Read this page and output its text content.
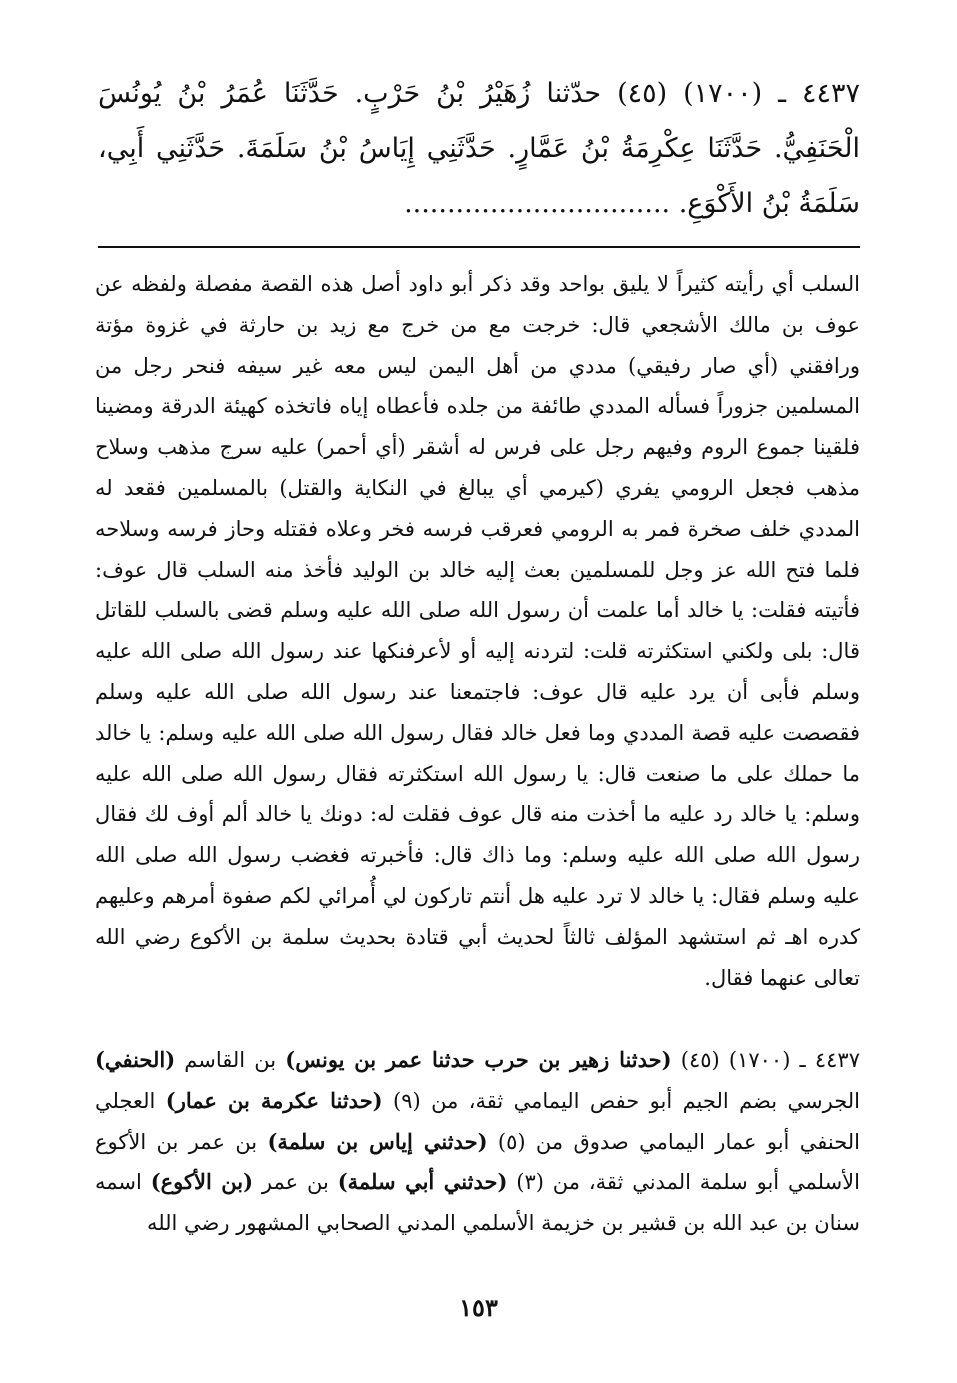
٤٤٣٧ ـ (١٧٠٠) (٤٥) حدّثنا زُهَيْرُ بْنُ حَرْبٍ. حَدَّثَنَا عُمَرُ بْنُ يُونُسَ الْحَنَفِيُّ. حَدَّثَنَا عِكْرِمَةُ بْنُ عَمَّارٍ. حَدَّثَنِي إِيَاسُ بْنُ سَلَمَةَ. حَدَّثَنِي أَبِي، سَلَمَةُ بْنُ الأَكْوَعِ. ...............................

السلب أي رأيته كثيراً لا يليق بواحد وقد ذكر أبو داود أصل هذه القصة مفصلة ولفظه عن عوف بن مالك الأشجعي قال: خرجت مع من خرج مع زيد بن حارثة في غزوة مؤتة ورافقني (أي صار رفيقي) مددي من أهل اليمن ليس معه غير سيفه فنحر رجل من المسلمين جزوراً فسأله المددي طائفة من جلده فأعطاه إياه فاتخذه كهيئة الدرقة ومضينا فلقينا جموع الروم وفيهم رجل على فرس له أشقر (أي أحمر) عليه سرج مذهب وسلاح مذهب فجعل الرومي يفري (كيرمي أي يبالغ في النكاية والقتل) بالمسلمين فقعد له المددي خلف صخرة فمر به الرومي فعرقب فرسه فخر وعلاه فقتله وحاز فرسه وسلاحه فلما فتح الله عز وجل للمسلمين بعث إليه خالد بن الوليد فأخذ منه السلب قال عوف: فأتيته فقلت: يا خالد أما علمت أن رسول الله صلى الله عليه وسلم قضى بالسلب للقاتل قال: بلى ولكني استكثرته قلت: لتردنه إليه أو لأعرفنكها عند رسول الله صلى الله عليه وسلم فأبى أن يرد عليه قال عوف: فاجتمعنا عند رسول الله صلى الله عليه وسلم فقصصت عليه قصة المددي وما فعل خالد فقال رسول الله صلى الله عليه وسلم: يا خالد ما حملك على ما صنعت قال: يا رسول الله استكثرته فقال رسول الله صلى الله عليه وسلم: يا خالد رد عليه ما أخذت منه قال عوف فقلت له: دونك يا خالد ألم أوف لك فقال رسول الله صلى الله عليه وسلم: وما ذاك قال: فأخبرته فغضب رسول الله صلى الله عليه وسلم فقال: يا خالد لا ترد عليه هل أنتم تاركون لي أُمرائي لكم صفوة أمرهم وعليهم كدره اهـ ثم استشهد المؤلف ثالثاً لحديث أبي قتادة بحديث سلمة بن الأكوع رضي الله تعالى عنهما فقال.

٤٤٣٧ ـ (١٧٠٠) (٤٥) (حدثنا زهير بن حرب حدثنا عمر بن يونس) بن القاسم (الحنفي) الجرسي بضم الجيم أبو حفص اليمامي ثقة، من (٩) (حدثنا عكرمة بن عمار) العجلي الحنفي أبو عمار اليمامي صدوق من (٥) (حدثني إياس بن سلمة) بن عمر بن الأكوع الأسلمي أبو سلمة المدني ثقة، من (٣) (حدثني أبي سلمة) بن عمر (بن الأكوع) اسمه سنان بن عبد الله بن قشير بن خزيمة الأسلمي المدني الصحابي المشهور رضي الله

١٥٣
